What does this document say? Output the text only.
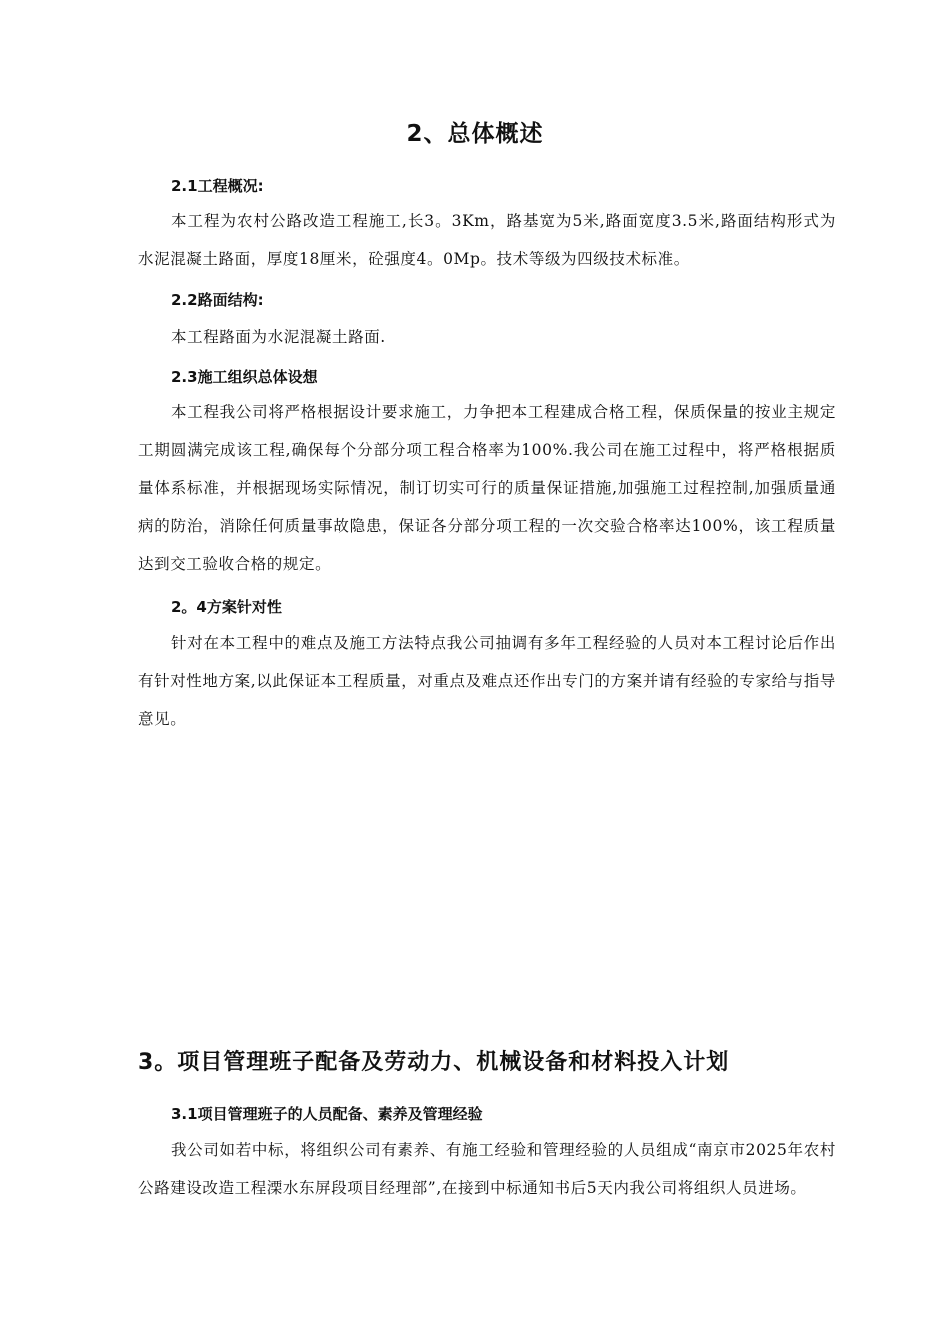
2、总体概述
2.1工程概况:

本工程为农村公路改造工程施工,长3。3Km，路基宽为5米,路面宽度3.5米,路面结构形式为水泥混凝土路面，厚度18厘米，砼强度4。0Mp。技术等级为四级技术标准。

2.2路面结构:

本工程路面为水泥混凝土路面.

2.3施工组织总体设想

本工程我公司将严格根据设计要求施工，力争把本工程建成合格工程，保质保量的按业主规定工期圆满完成该工程,确保每个分部分项工程合格率为100%.我公司在施工过程中，将严格根据质量体系标准，并根据现场实际情况，制订切实可行的质量保证措施,加强施工过程控制,加强质量通病的防治，消除任何质量事故隐患，保证各分部分项工程的一次交验合格率达100%，该工程质量达到交工验收合格的规定。

2。4方案针对性

针对在本工程中的难点及施工方法特点我公司抽调有多年工程经验的人员对本工程讨论后作出有针对性地方案,以此保证本工程质量，对重点及难点还作出专门的方案并请有经验的专家给与指导意见。

3。项目管理班子配备及劳动力、机械设备和材料投入计划
3.1项目管理班子的人员配备、素养及管理经验

我公司如若中标，将组织公司有素养、有施工经验和管理经验的人员组成“南京市2025年农村公路建设改造工程溧水东屏段项目经理部”,在接到中标通知书后5天内我公司将组织人员进场。
